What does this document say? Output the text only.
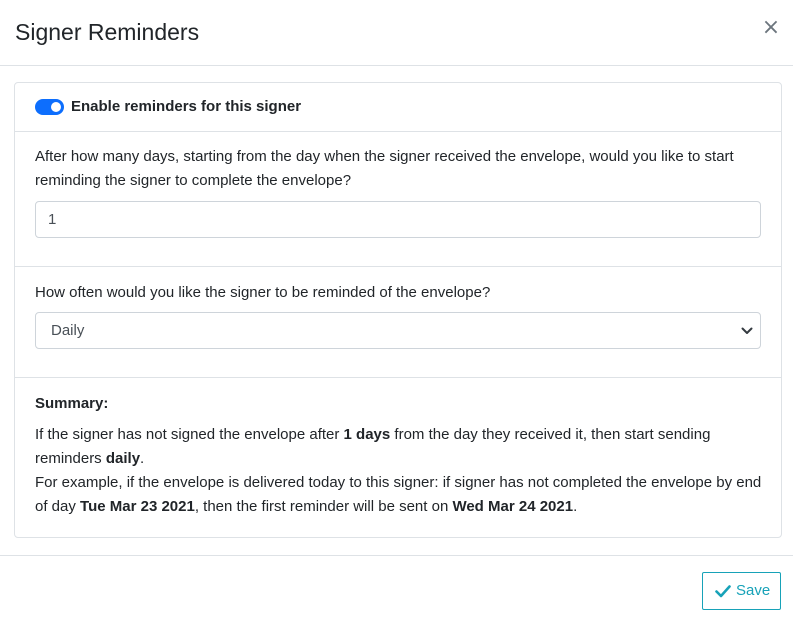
Signer Reminders	×
Enable reminders for this signer

After how many days, starting from the day when the signer received the envelope, would you like to start reminding the signer to complete the envelope?

1

How often would you like the signer to be reminded of the envelope?

Daily
Summary:
If the signer has not signed the envelope after 1 days from the day they received it, then start sending reminders daily.
For example, if the envelope is delivered today to this signer: if signer has not completed the envelope by end of day Tue Mar 23 2021, then the first reminder will be sent on Wed Mar 24 2021.
Save
